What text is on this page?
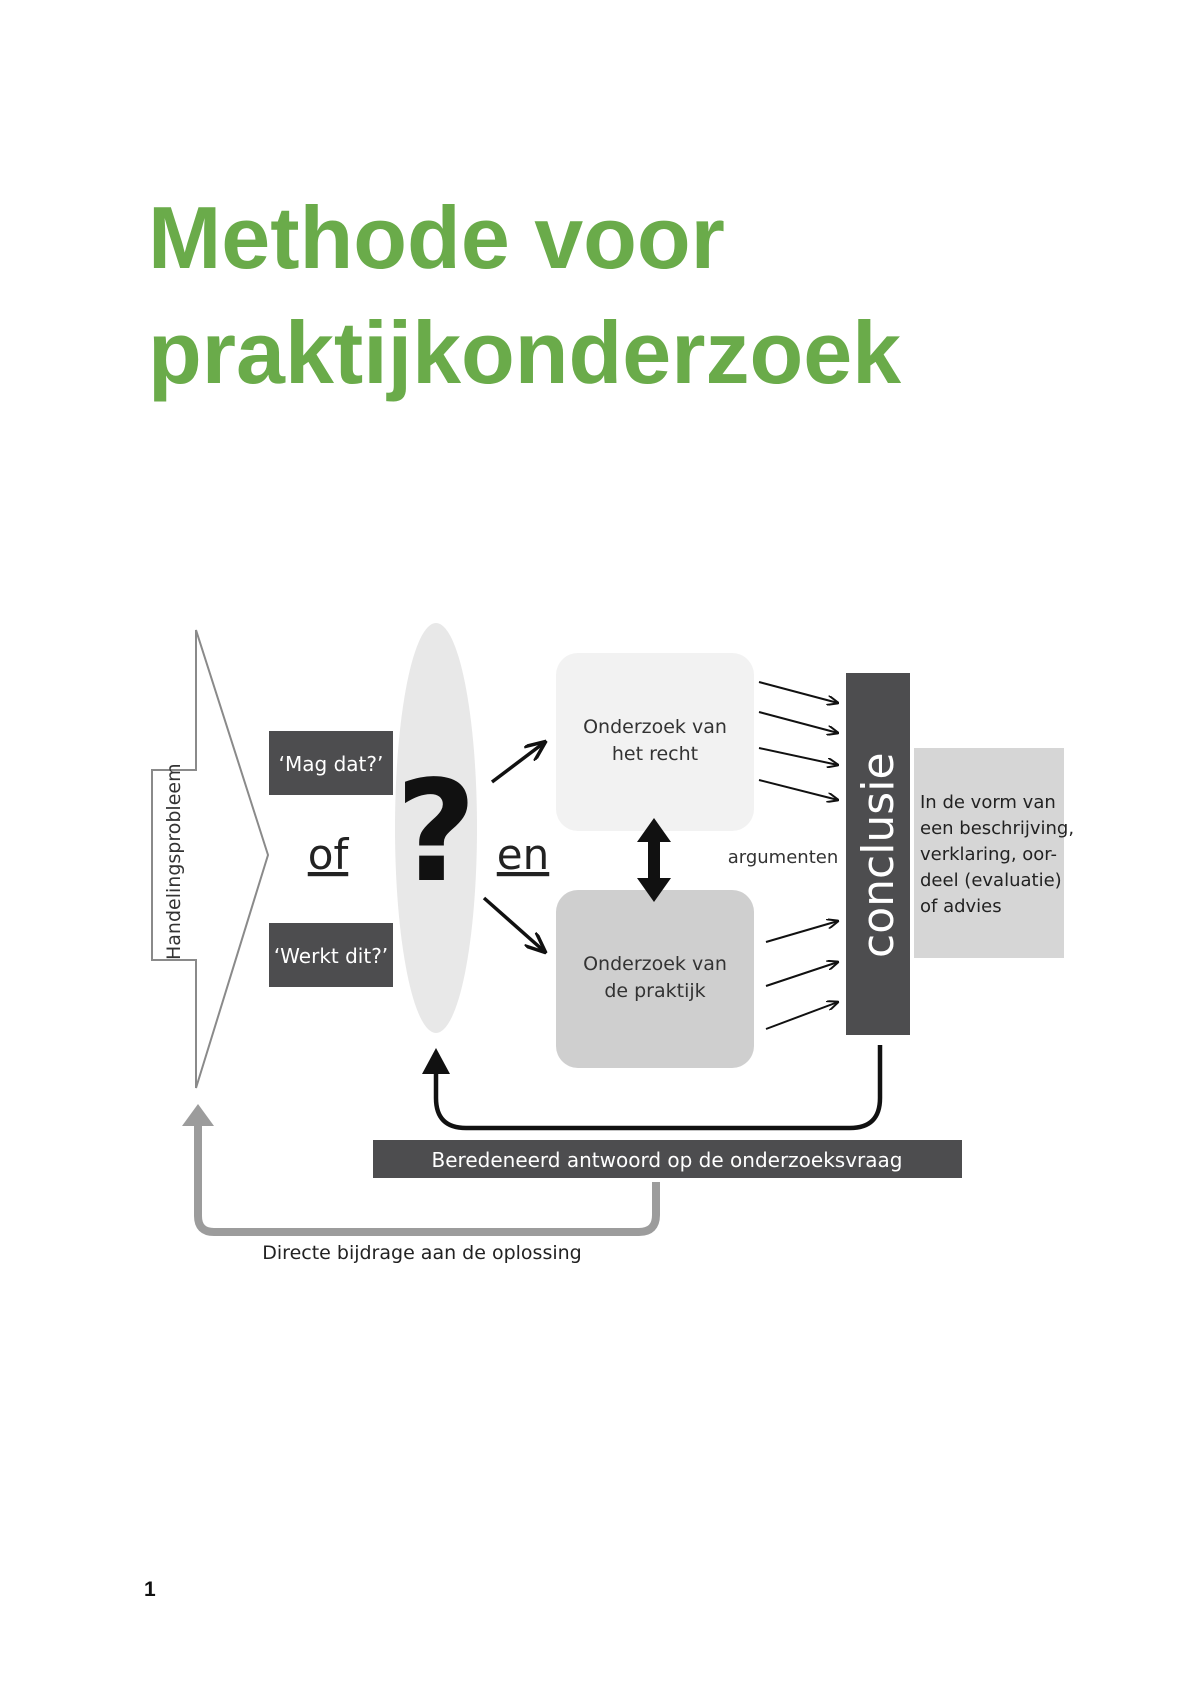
Methode voor
praktijkonderzoek
Handelingsprobleem	‘Mag dat?’
of
‘Werkt dit?’
? en
Onderzoek van
het recht
Onderzoek van
de praktijk
argumenten conclusie In de vorm van
een beschrijving,
verklaring, oor-
deel (evaluatie)
of advies
Beredeneerd antwoord op de onderzoeksvraag
Directe bijdrage aan de oplossing

1
